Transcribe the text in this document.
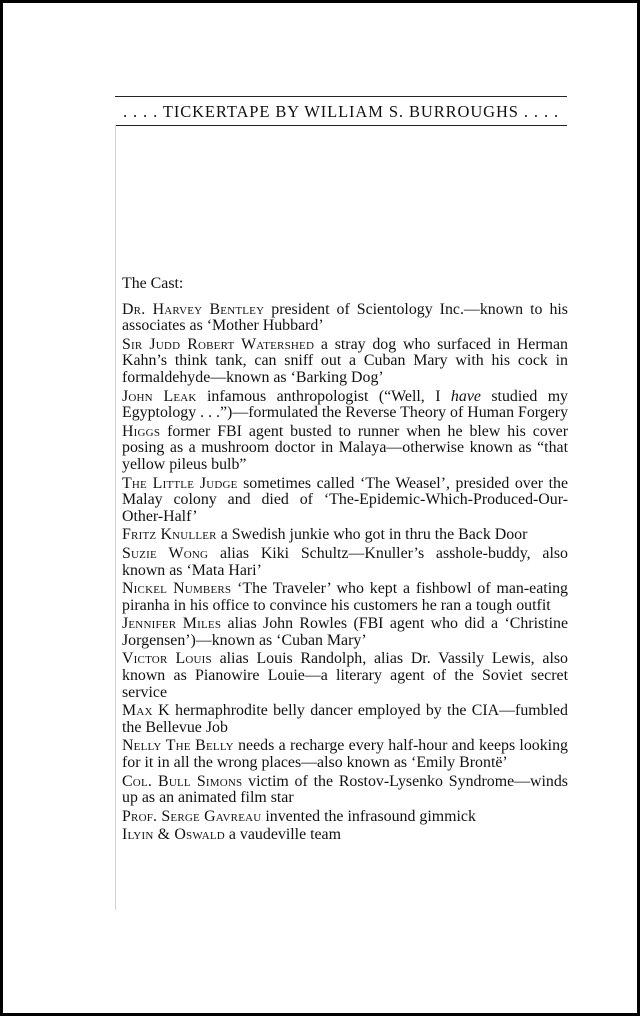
. . . . TICKERTAPE BY WILLIAM S. BURROUGHS . . . .
The Cast:
Dr. Harvey Bentley president of Scientology Inc.—known to his associates as ‘Mother Hubbard’
Sir Judd Robert Watershed a stray dog who surfaced in Herman Kahn’s think tank, can sniff out a Cuban Mary with his cock in formaldehyde—known as ‘Barking Dog’
John Leak infamous anthropologist (“Well, I have studied my Egyptology . . .”)—formulated the Reverse Theory of Human Forgery
Higgs former FBI agent busted to runner when he blew his cover posing as a mushroom doctor in Malaya—otherwise known as “that yellow pileus bulb”
The Little Judge sometimes called ‘The Weasel’, presided over the Malay colony and died of ‘The-Epidemic-Which-Produced-Our-Other-Half’
Fritz Knuller a Swedish junkie who got in thru the Back Door
Suzie Wong alias Kiki Schultz—Knuller’s asshole-buddy, also known as ‘Mata Hari’
Nickel Numbers ‘The Traveler’ who kept a fishbowl of man-eating piranha in his office to convince his customers he ran a tough outfit
Jennifer Miles alias John Rowles (FBI agent who did a ‘Christine Jorgensen’)—known as ‘Cuban Mary’
Victor Louis alias Louis Randolph, alias Dr. Vassily Lewis, also known as Pianowire Louie—a literary agent of the Soviet secret service
Max K hermaphrodite belly dancer employed by the CIA—fumbled the Bellevue Job
Nelly The Belly needs a recharge every half-hour and keeps looking for it in all the wrong places—also known as ‘Emily Brontë’
Col. Bull Simons victim of the Rostov-Lysenko Syndrome—winds up as an animated film star
Prof. Serge Gavreau invented the infrasound gimmick
Ilyin & Oswald a vaudeville team
